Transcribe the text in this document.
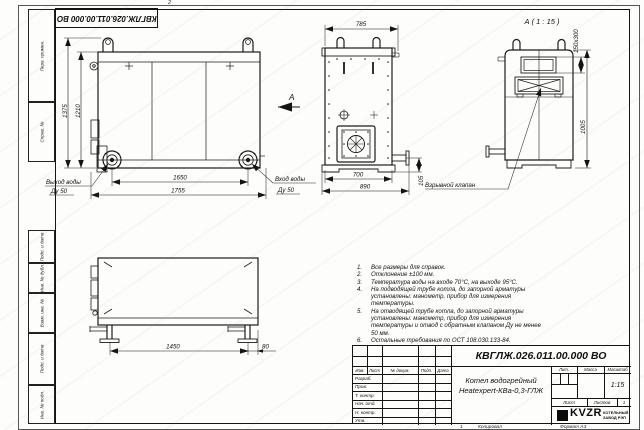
2
КВГЛЖ.026.011.00.000 ВО
Перв. примен.
Справ. №
Подп. и дата
Инв. № дубл.
Взам. инв. №
Подп. и дата
Инв. № подл.
1375 1210
1650
1755
Выход воды
Ду 50
Вход воды
Ду 50
А
785
700
890
105
А ( 1 : 15 )
150х300
1005
Взрывной клапан
1450	80
1.	Все размеры для справок.
2.	Отклонение ±100 мм.
3.	Температура воды на входе 70°С, на выходе 95°С.
4.	На подводящей трубе котла, до запорной арматуры установлены: манометр, прибор для измерения температуры.
5.	На отводящей трубе котла, до запорной арматуры установлены: манометр, прибор для измерения температуры и отвод с обратным клапаном Ду не менее 50 мм.
6.	Остальные требования по ОСТ 108.030.133-84.
Изм.	Лист	№ докум.	Подп.	Дата
Разраб.
Пров.
Т. контр.
Нач. отд.
Н. контр.
Утв.
КВГЛЖ.026.011.00.000 ВО
Котел водогрейный
Heatexpert-КВа-0,3-ГЛЖ
Лит.	Масса	Масштаб
1:15
Лист	Листов	1
KVZR КОТЕЛЬНЫЙ
ЗАВОД РЭП
1	Копировал	Формат А3
